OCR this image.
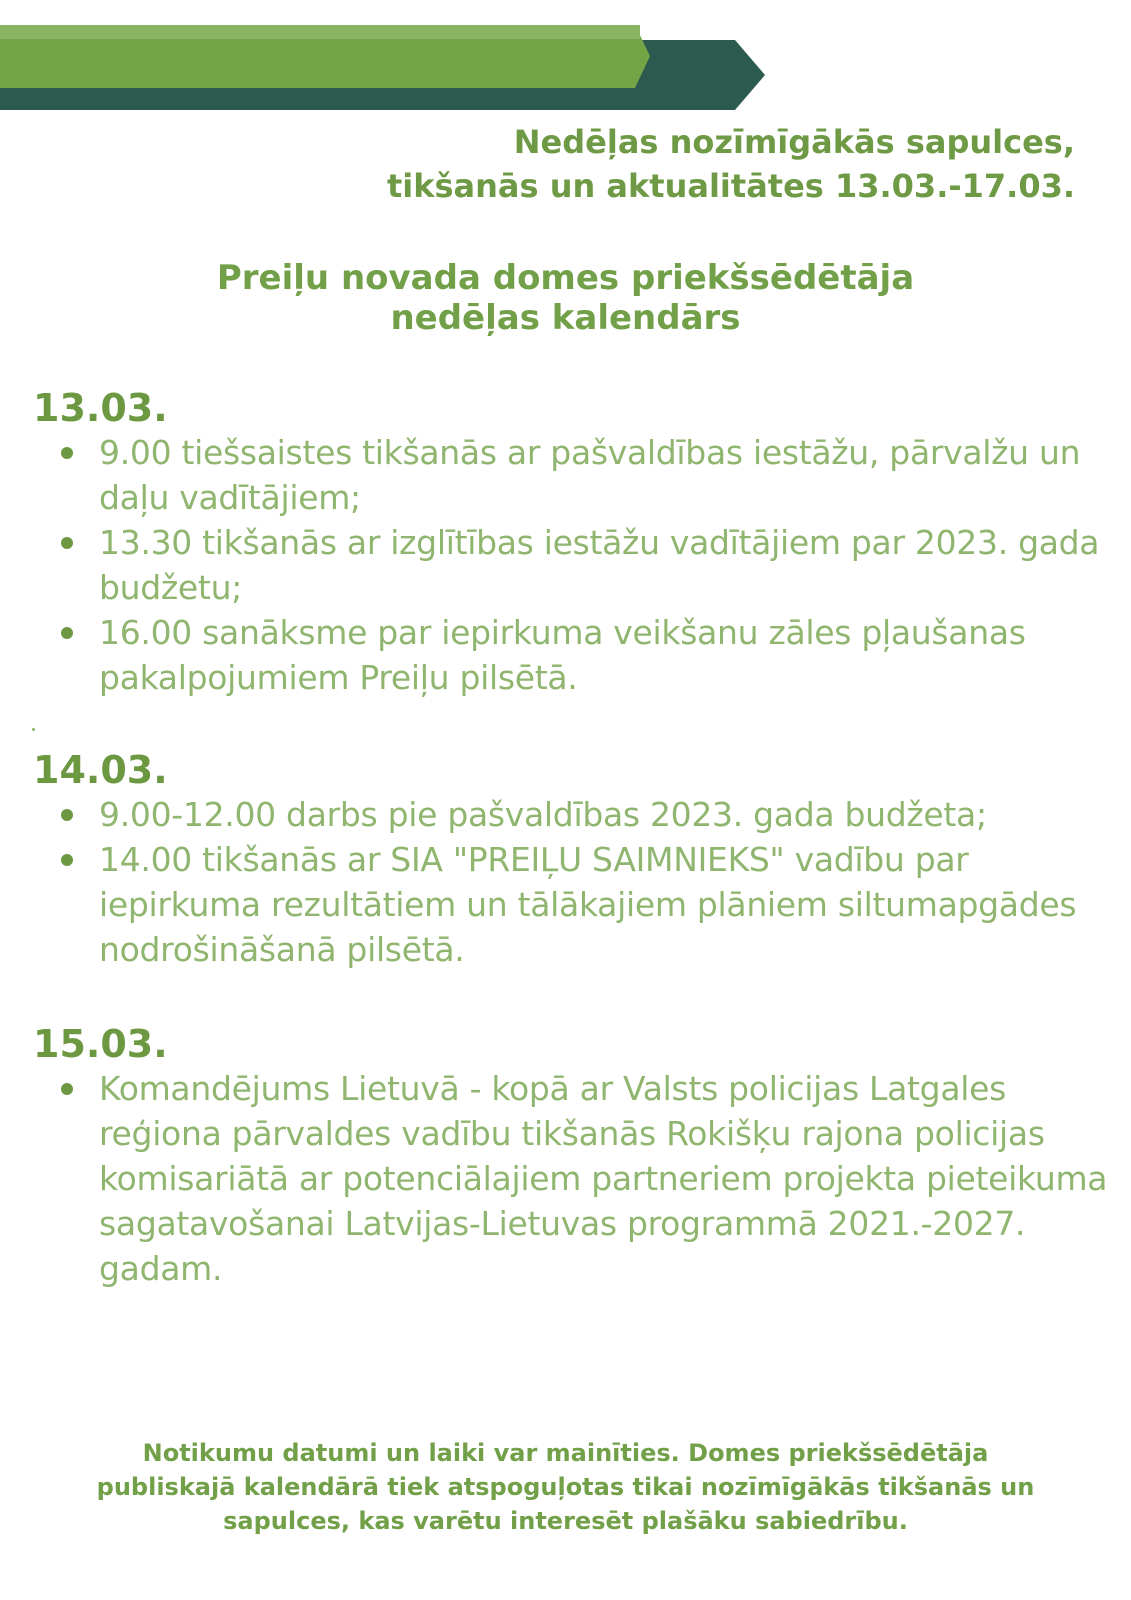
Nedēļas nozīmīgākās sapulces,
tikšanās un aktualitātes 13.03.-17.03.
Preiļu novada domes priekšsēdētāja
nedēļas kalendārs
13.03.
9.00 tiešsaistes tikšanās ar pašvaldības iestāžu, pārvalžu un daļu vadītājiem;
13.30 tikšanās ar izglītības iestāžu vadītājiem par 2023. gada budžetu;
16.00 sanāksme par iepirkuma veikšanu zāles pļaušanas pakalpojumiem Preiļu pilsētā.
14.03.
9.00-12.00 darbs pie pašvaldības 2023. gada budžeta;
14.00 tikšanās ar SIA "PREIĻU SAIMNIEKS" vadību par iepirkuma rezultātiem un tālākajiem plāniem siltumapgādes nodrošināšanā pilsētā.
15.03.
Komandējums Lietuvā - kopā ar Valsts policijas Latgales reģiona pārvaldes vadību tikšanās Rokišķu rajona policijas komisariātā ar potenciālajiem partneriem projekta pieteikuma sagatavošanai Latvijas-Lietuvas programmā 2021.-2027. gadam.
Notikumu datumi un laiki var mainīties. Domes priekšsēdētāja
publiskajā kalendārā tiek atspoguļotas tikai nozīmīgākās tikšanās un
sapulces, kas varētu interesēt plašāku sabiedrību.
